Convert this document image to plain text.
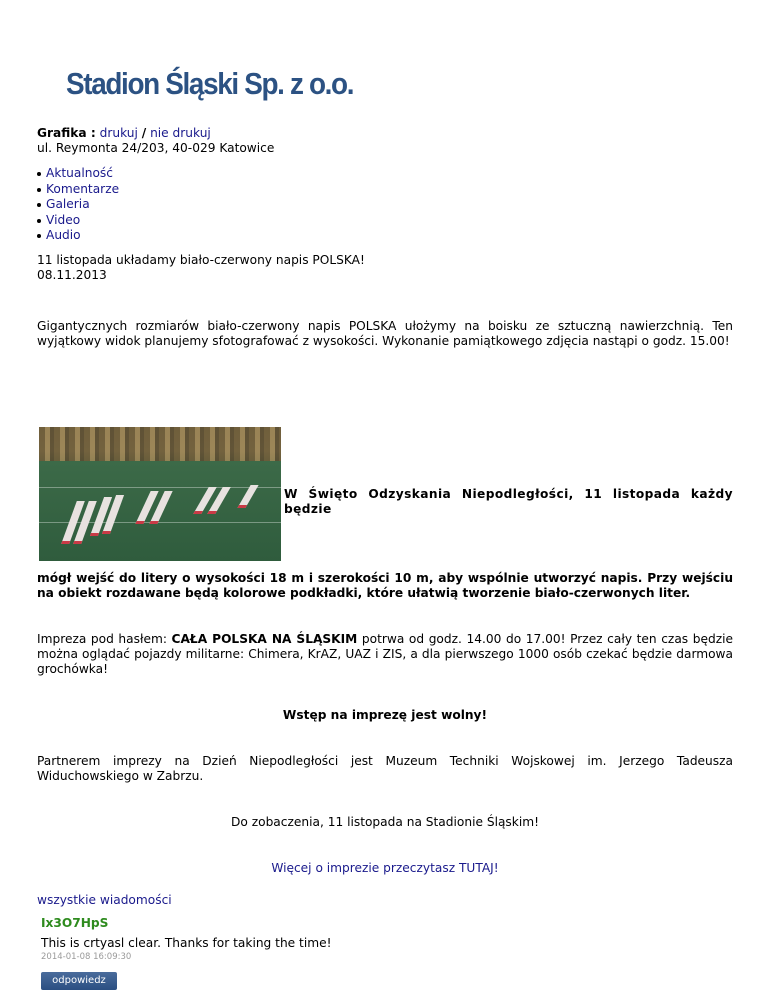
Stadion Śląski Sp. z o.o.
Grafika : drukuj / nie drukuj
ul. Reymonta 24/203, 40-029 Katowice
Aktualność
Komentarze
Galeria
Video
Audio
11 listopada układamy biało-czerwony napis POLSKA!
08.11.2013
Gigantycznych rozmiarów biało-czerwony napis POLSKA ułożymy na boisku ze sztuczną nawierzchnią. Ten wyjątkowy widok planujemy sfotografować z wysokości. Wykonanie pamiątkowego zdjęcia nastąpi o godz. 15.00!
W Święto Odzyskania Niepodległości, 11 listopada każdy będzie
mógł wejść do litery o wysokości 18 m i szerokości 10 m, aby wspólnie utworzyć napis. Przy wejściu na obiekt rozdawane będą kolorowe podkładki, które ułatwią tworzenie biało-czerwonych liter.
Impreza pod hasłem: CAŁA POLSKA NA ŚLĄSKIM potrwa od godz. 14.00 do 17.00! Przez cały ten czas będzie można oglądać pojazdy militarne: Chimera, KrAZ, UAZ i ZIS, a dla pierwszego 1000 osób czekać będzie darmowa grochówka!
Wstęp na imprezę jest wolny!
Partnerem imprezy na Dzień Niepodległości jest Muzeum Techniki Wojskowej im. Jerzego Tadeusza Widuchowskiego w Zabrzu.
Do zobaczenia, 11 listopada na Stadionie Śląskim!
Więcej o imprezie przeczytasz TUTAJ!
wszystkie wiadomości
Ix3O7HpS
This is crtyasl clear. Thanks for taking the time!
2014-01-08 16:09:30
odpowiedz
